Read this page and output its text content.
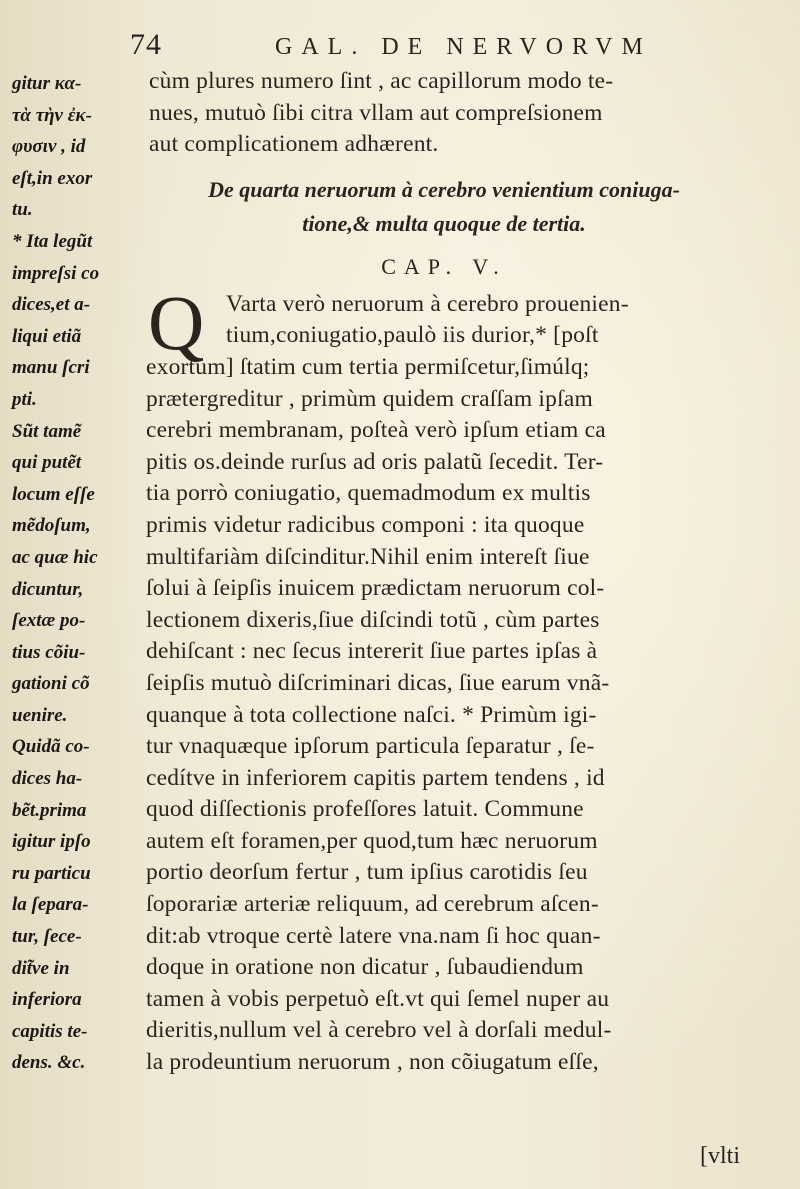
74	GAL. DE NERVORVM
gitur κα-
τὰ τὴν ἐκ-
φυσιν , id
eſt,in exor
tu.
* Ita legũt
impreſsi co
dices,et a-
liqui etiã
manu ſcri
pti.
Sũt tamẽ
qui putẽt
locum eſſe
mẽdoſum,
ac quæ hic
dicuntur,
ſextæ po-
tius cõiu-
gationi cõ
uenire.
Quidã co-
dices ha-
bẽt.prima
igitur ipſo
ru particu
la ſepara-
tur, ſece-
dit̃ve in
inferiora
capitis te-
dens. &c.
cùm plures numero ſint , ac capillorum modo te-
nues, mutuò ſibi citra vllam aut compreſsionem
aut complicationem adhærent.
De quarta neruorum à cerebro venientium coniuga-
tione,& multa quoque de tertia.
CAP. V.
Q Varta verò neruorum à cerebro prouenien-
tium,coniugatio,paulò iis durior,* [poſt
exortum] ſtatim cum tertia permiſcetur,ſimúlq;
prætergreditur , primùm quidem craſſam ipſam
cerebri membranam, poſteà verò ipſum etiam ca
pitis os.deinde rurſus ad oris palatũ ſecedit. Ter-
tia porrò coniugatio, quemadmodum ex multis
primis videtur radicibus componi : ita quoque
multifariàm diſcinditur.Nihil enim intereſt ſiue
ſolui à ſeipſis inuicem prædictam neruorum col-
lectionem dixeris,ſiue diſcindi totũ , cùm partes
dehiſcant : nec ſecus intererit ſiue partes ipſas à
ſeipſis mutuò diſcriminari dicas, ſiue earum vnã-
quanque à tota collectione naſci. * Primùm igi-
tur vnaquæque ipſorum particula ſeparatur , ſe-
cedítve in inferiorem capitis partem tendens , id
quod diſſectionis profeſſores latuit. Commune
autem eſt foramen,per quod,tum hæc neruorum
portio deorſum fertur , tum ipſius carotidis ſeu
ſoporariæ arteriæ reliquum, ad cerebrum aſcen-
dit:ab vtroque certè latere vna.nam ſi hoc quan-
doque in oratione non dicatur , ſubaudiendum
tamen à vobis perpetuò eſt.vt qui ſemel nuper au
dieritis,nullum vel à cerebro vel à dorſali medul-
la prodeuntium neruorum , non cõiugatum eſſe,
[vlti
